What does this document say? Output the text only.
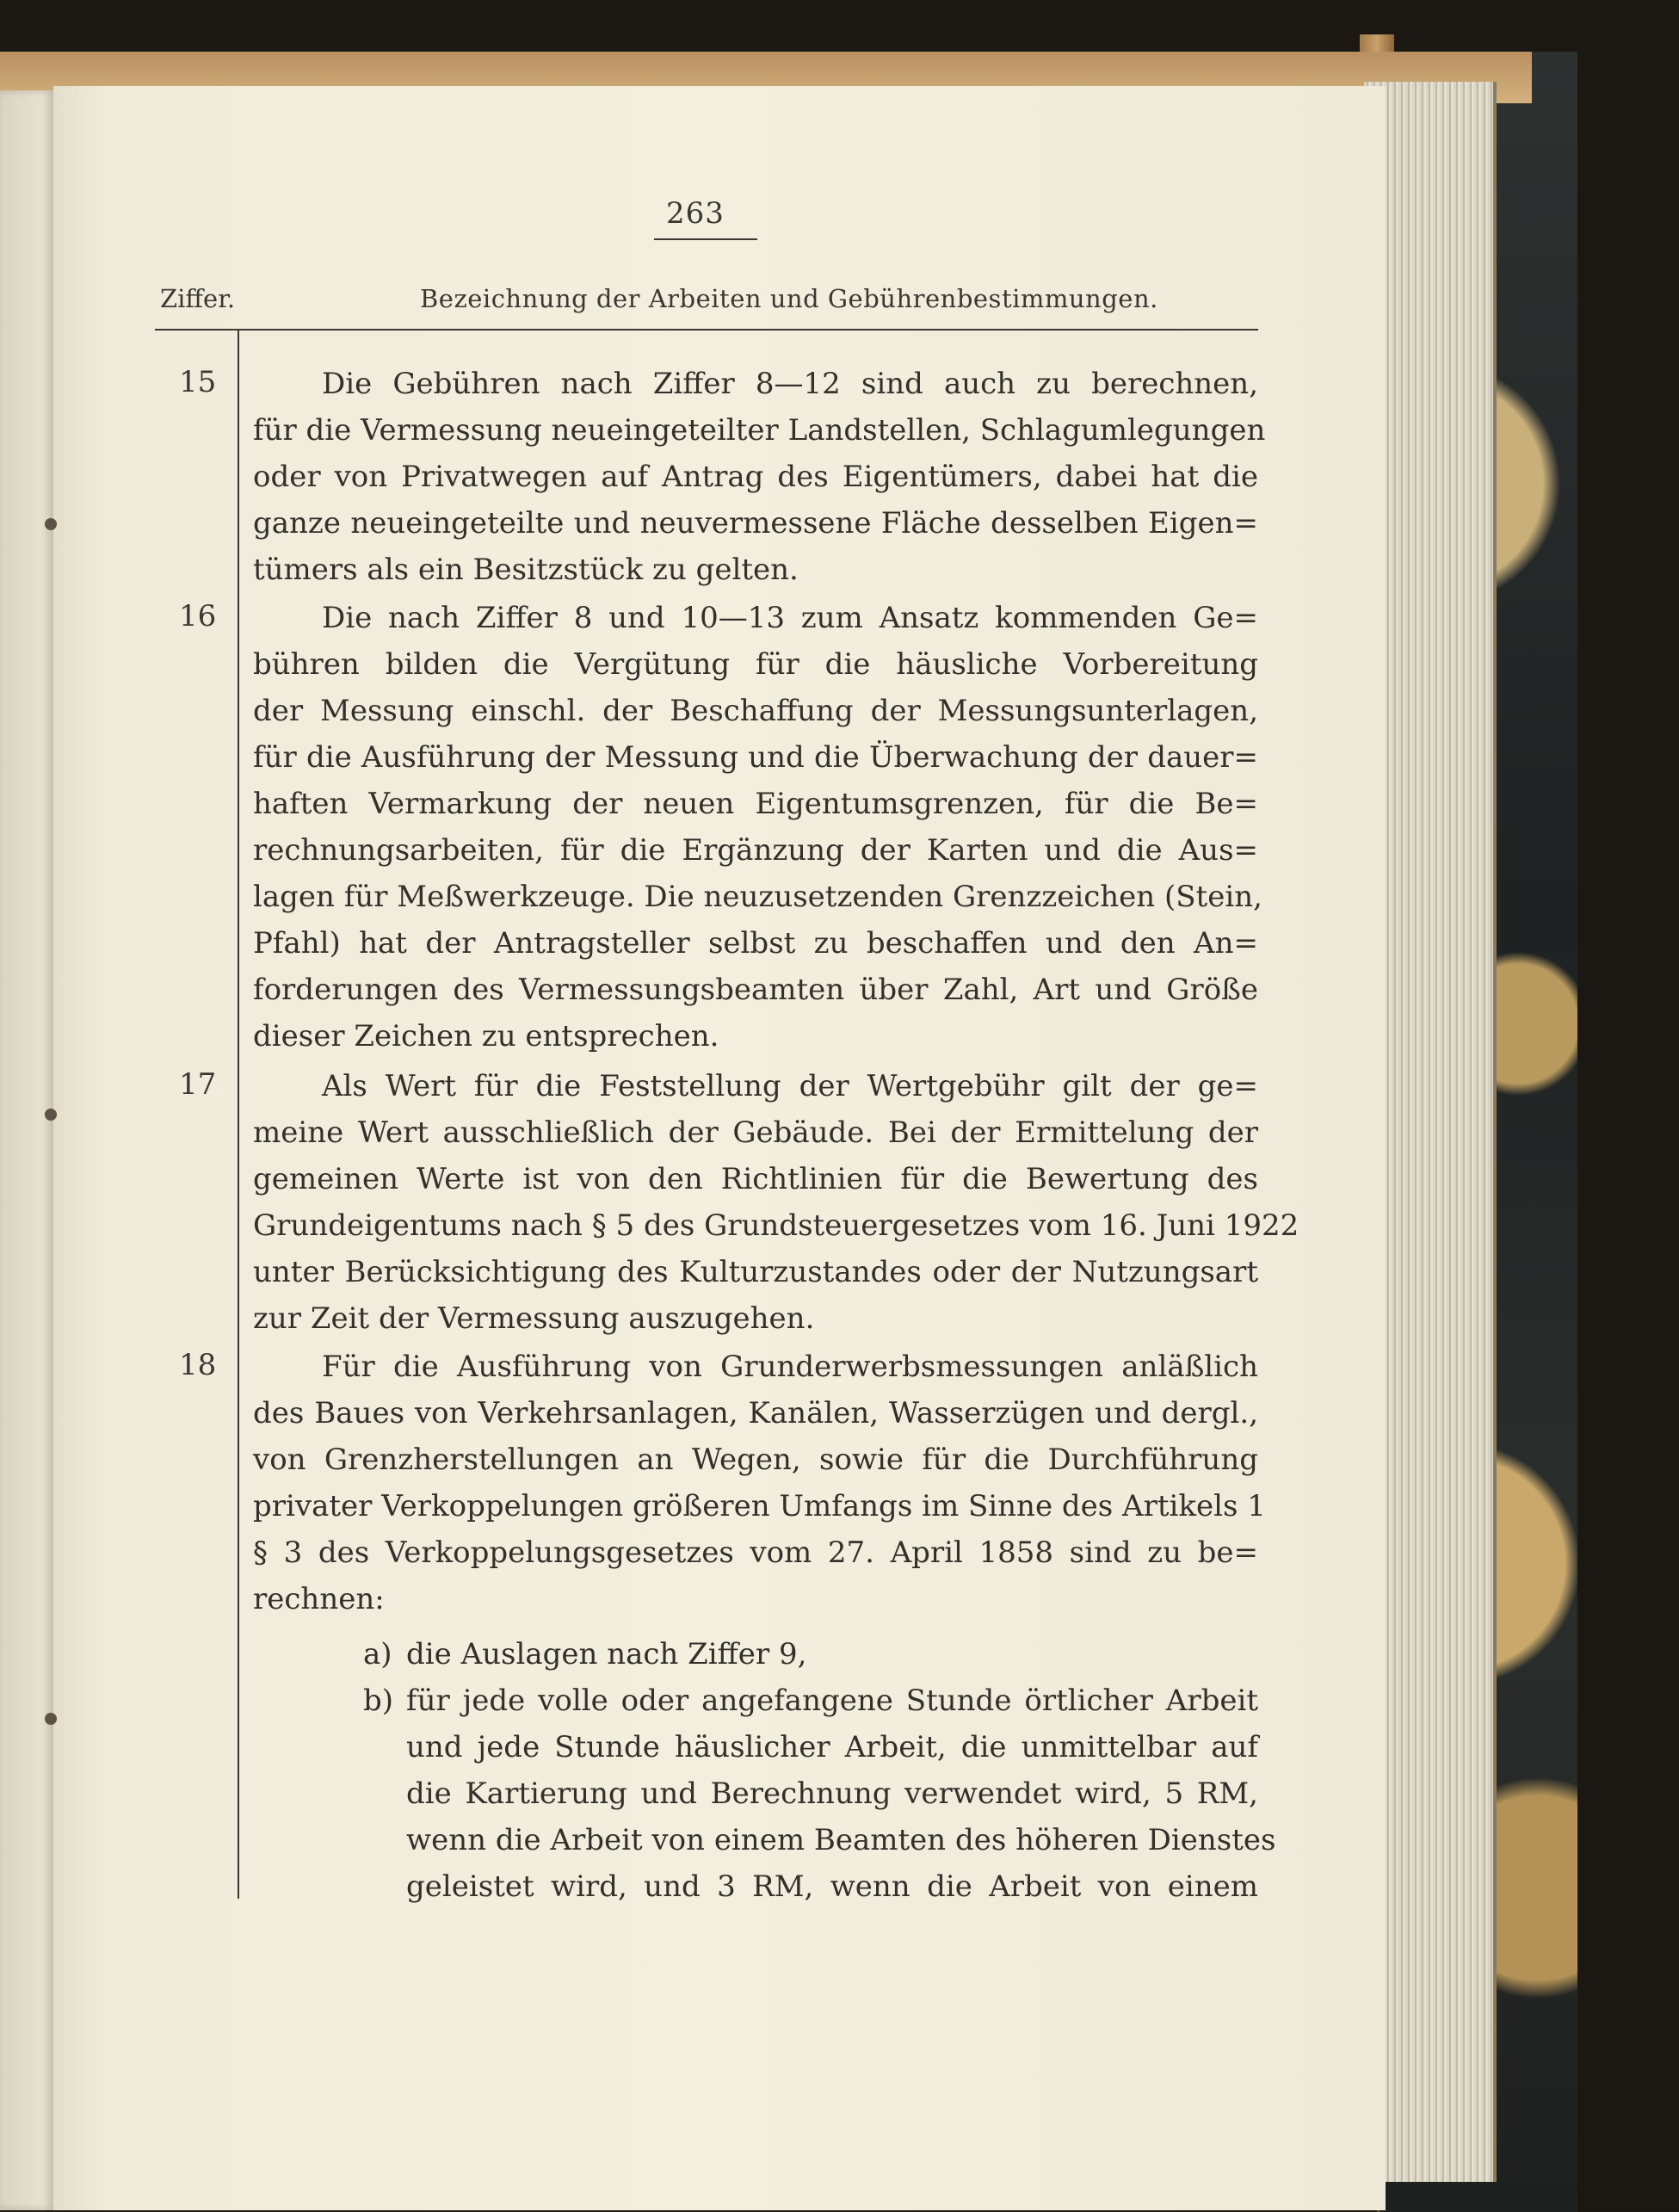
263
Ziffer.	Bezeichnung der Arbeiten und Gebührenbestimmungen.
15	Die Gebühren nach Ziffer 8—12 sind auch zu berechnen,
für die Vermessung neueingeteilter Landstellen, Schlagumlegungen
oder von Privatwegen auf Antrag des Eigentümers, dabei hat die
ganze neueingeteilte und neuvermessene Fläche desselben Eigen=
tümers als ein Besitzstück zu gelten.
16	Die nach Ziffer 8 und 10—13 zum Ansatz kommenden Ge=
bühren bilden die Vergütung für die häusliche Vorbereitung
der Messung einschl. der Beschaffung der Messungsunterlagen,
für die Ausführung der Messung und die Überwachung der dauer=
haften Vermarkung der neuen Eigentumsgrenzen, für die Be=
rechnungsarbeiten, für die Ergänzung der Karten und die Aus=
lagen für Meßwerkzeuge. Die neuzusetzenden Grenzzeichen (Stein,
Pfahl) hat der Antragsteller selbst zu beschaffen und den An=
forderungen des Vermessungsbeamten über Zahl, Art und Größe
dieser Zeichen zu entsprechen.
17	Als Wert für die Feststellung der Wertgebühr gilt der ge=
meine Wert ausschließlich der Gebäude. Bei der Ermittelung der
gemeinen Werte ist von den Richtlinien für die Bewertung des
Grundeigentums nach § 5 des Grundsteuergesetzes vom 16. Juni 1922
unter Berücksichtigung des Kulturzustandes oder der Nutzungsart
zur Zeit der Vermessung auszugehen.
18	Für die Ausführung von Grunderwerbsmessungen anläßlich
des Baues von Verkehrsanlagen, Kanälen, Wasserzügen und dergl.,
von Grenzherstellungen an Wegen, sowie für die Durchführung
privater Verkoppelungen größeren Umfangs im Sinne des Artikels 1
§ 3 des Verkoppelungsgesetzes vom 27. April 1858 sind zu be=
rechnen:
a) die Auslagen nach Ziffer 9,
b) für jede volle oder angefangene Stunde örtlicher Arbeit
und jede Stunde häuslicher Arbeit, die unmittelbar auf
die Kartierung und Berechnung verwendet wird, 5 RM,
wenn die Arbeit von einem Beamten des höheren Dienstes
geleistet wird, und 3 RM, wenn die Arbeit von einem
